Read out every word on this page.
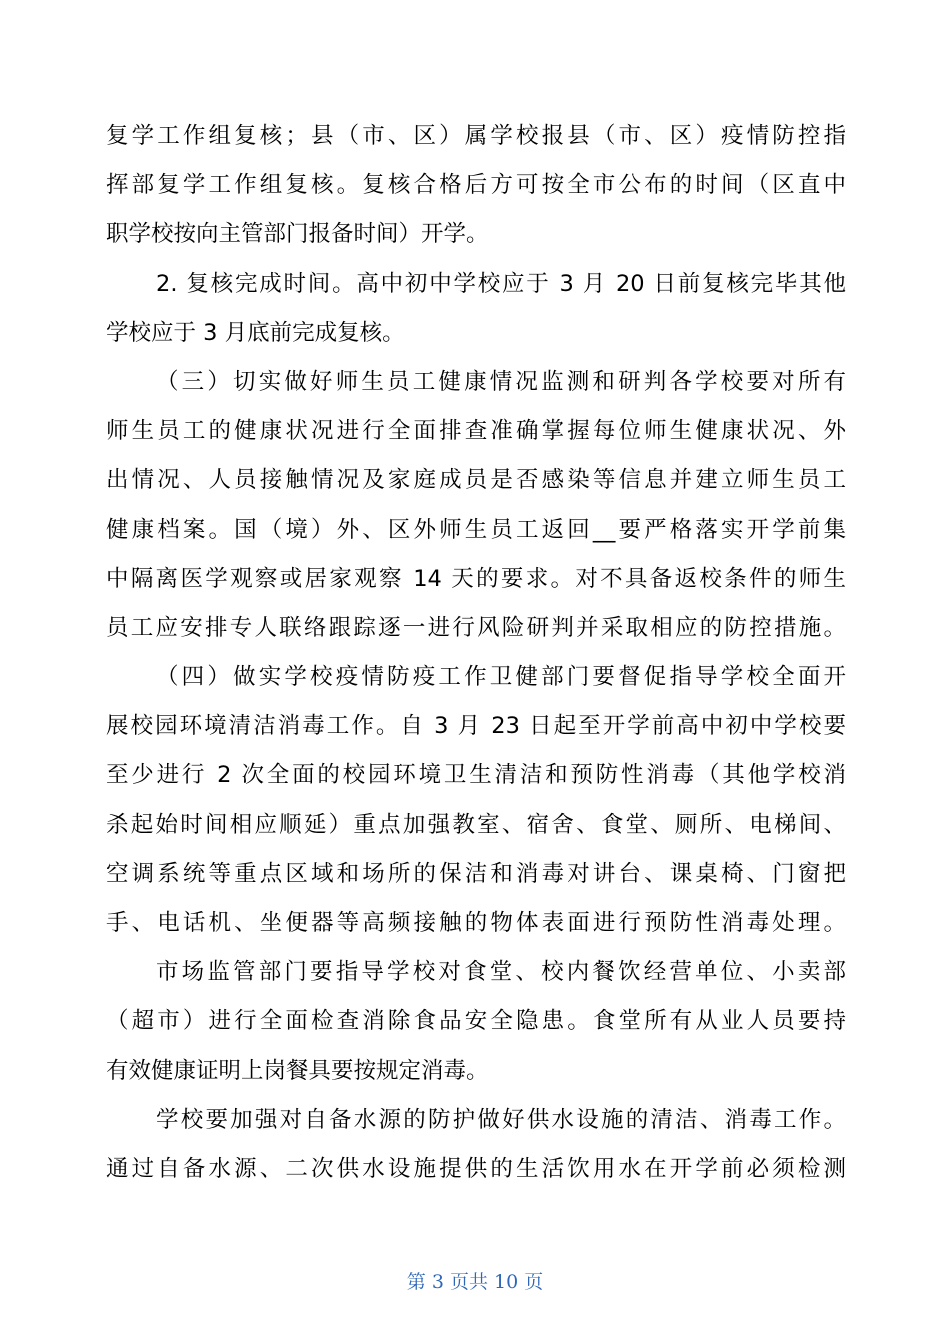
复学工作组复核；县（市、区）属学校报县（市、区）疫情防控指
挥部复学工作组复核。复核合格后方可按全市公布的时间（区直中
职学校按向主管部门报备时间）开学。
2. 复核完成时间。高中初中学校应于 3 月 20 日前复核完毕其他
学校应于 3 月底前完成复核。
（三）切实做好师生员工健康情况监测和研判各学校要对所有
师生员工的健康状况进行全面排查准确掌握每位师生健康状况、外
出情况、人员接触情况及家庭成员是否感染等信息并建立师生员工
健康档案。国（境）外、区外师生员工返回__要严格落实开学前集
中隔离医学观察或居家观察 14 天的要求。对不具备返校条件的师生
员工应安排专人联络跟踪逐一进行风险研判并采取相应的防控措施。
（四）做实学校疫情防疫工作卫健部门要督促指导学校全面开
展校园环境清洁消毒工作。自 3 月 23 日起至开学前高中初中学校要
至少进行 2 次全面的校园环境卫生清洁和预防性消毒（其他学校消
杀起始时间相应顺延）重点加强教室、宿舍、食堂、厕所、电梯间、
空调系统等重点区域和场所的保洁和消毒对讲台、课桌椅、门窗把
手、电话机、坐便器等高频接触的物体表面进行预防性消毒处理。
市场监管部门要指导学校对食堂、校内餐饮经营单位、小卖部
（超市）进行全面检查消除食品安全隐患。食堂所有从业人员要持
有效健康证明上岗餐具要按规定消毒。
学校要加强对自备水源的防护做好供水设施的清洁、消毒工作。
通过自备水源、二次供水设施提供的生活饮用水在开学前必须检测
第 3 页共 10 页
